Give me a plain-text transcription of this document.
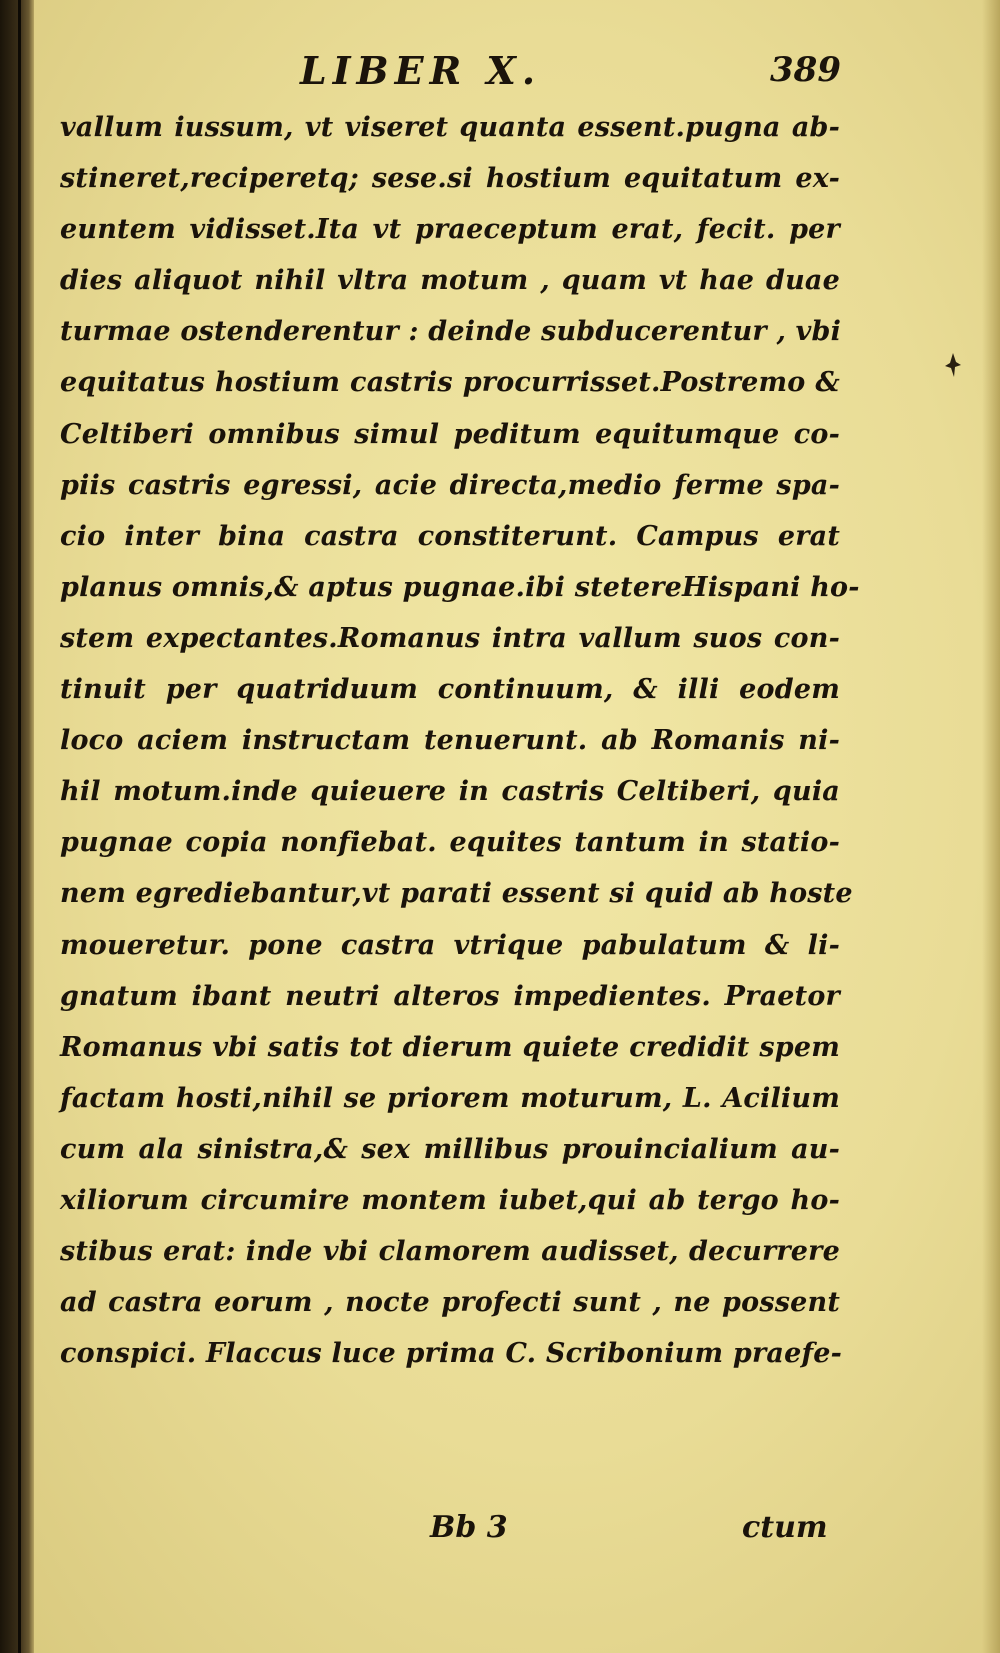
LIBER X.	389
vallum iussum, vt viseret quanta essent.pugna ab-
stineret,reciperetq; sese.si hostium equitatum ex-
euntem vidisset.Ita vt praeceptum erat, fecit. per
dies aliquot nihil vltra motum , quam vt hae duae
turmae ostenderentur : deinde subducerentur , vbi
equitatus hostium castris procurrisset.Postremo &
Celtiberi omnibus simul peditum equitumque co-
piis castris egressi, acie directa,medio ferme spa-
cio inter bina castra constiterunt. Campus erat
planus omnis,& aptus pugnae.ibi stetereHispani ho-
stem expectantes.Romanus intra vallum suos con-
tinuit per quatriduum continuum, & illi eodem
loco aciem instructam tenuerunt. ab Romanis ni-
hil motum.inde quieuere in castris Celtiberi, quia
pugnae copia nonfiebat. equites tantum in statio-
nem egrediebantur,vt parati essent si quid ab hoste
moueretur. pone castra vtrique pabulatum & li-
gnatum ibant neutri alteros impedientes. Praetor
Romanus vbi satis tot dierum quiete credidit spem
factam hosti,nihil se priorem moturum, L. Acilium
cum ala sinistra,& sex millibus prouincialium au-
xiliorum circumire montem iubet,qui ab tergo ho-
stibus erat: inde vbi clamorem audisset, decurrere
ad castra eorum , nocte profecti sunt , ne possent
conspici. Flaccus luce prima C. Scribonium praefe-
Bb 3	ctum
